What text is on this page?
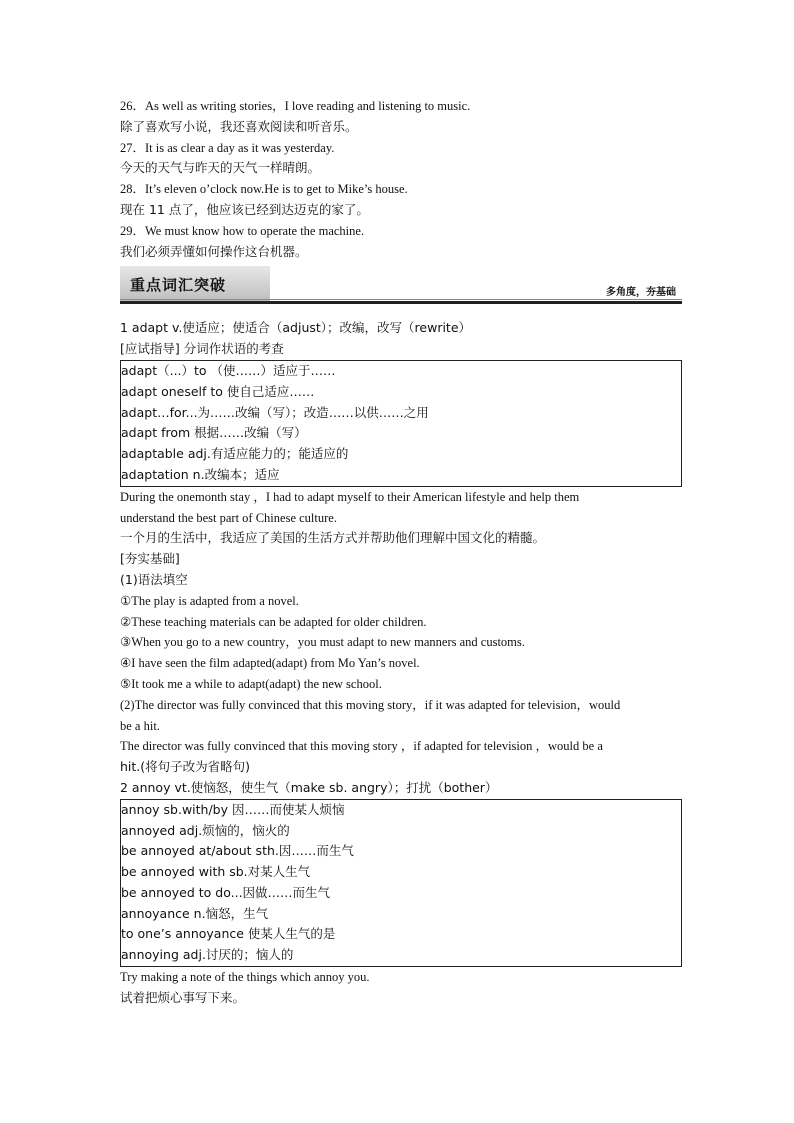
26．As well as writing stories，I love reading and listening to music.
除了喜欢写小说，我还喜欢阅读和听音乐。
27．It is as clear a day as it was yesterday.
今天的天气与昨天的天气一样晴朗。
28．It’s eleven o’clock now.He is to get to Mike’s house.
现在 11 点了，他应该已经到达迈克的家了。
29．We must know how to operate the machine.
我们必须弄懂如何操作这台机器。
重点词汇突破	多角度，夯基础
1 adapt v.使适应；使适合（adjust）；改编，改写（rewrite）
[应试指导] 分词作状语的考查
adapt（...）to （使……）适应于……
adapt oneself to 使自己适应……
adapt…for...为……改编（写）；改造……以供……之用
adapt from 根据……改编（写）
adaptable adj.有适应能力的；能适应的
adaptation n.改编本；适应
During the onemonth stay ，I had to adapt myself to their American lifestyle and help them
understand the best part of Chinese culture.
一个月的生活中，我适应了美国的生活方式并帮助他们理解中国文化的精髓。
[夯实基础]
(1)语法填空
①The play is adapted from a novel.
②These teaching materials can be adapted for older children.
③When you go to a new country，you must adapt to new manners and customs.
④I have seen the film adapted(adapt) from Mo Yan’s novel.
⑤It took me a while to adapt(adapt) the new school.
(2)The director was fully convinced that this moving story，if it was adapted for television，would
be a hit.
The director was fully convinced that this moving story ，if adapted for television ，would be a
hit.(将句子改为省略句)
2 annoy vt.使恼怒，使生气（make sb. angry）；打扰（bother）
annoy sb.with/by 因……而使某人烦恼
annoyed adj.烦恼的，恼火的
be annoyed at/about sth.因……而生气
be annoyed with sb.对某人生气
be annoyed to do...因做……而生气
annoyance n.恼怒，生气
to one’s annoyance 使某人生气的是
annoying adj.讨厌的；恼人的
Try making a note of the things which annoy you.
试着把烦心事写下来。
